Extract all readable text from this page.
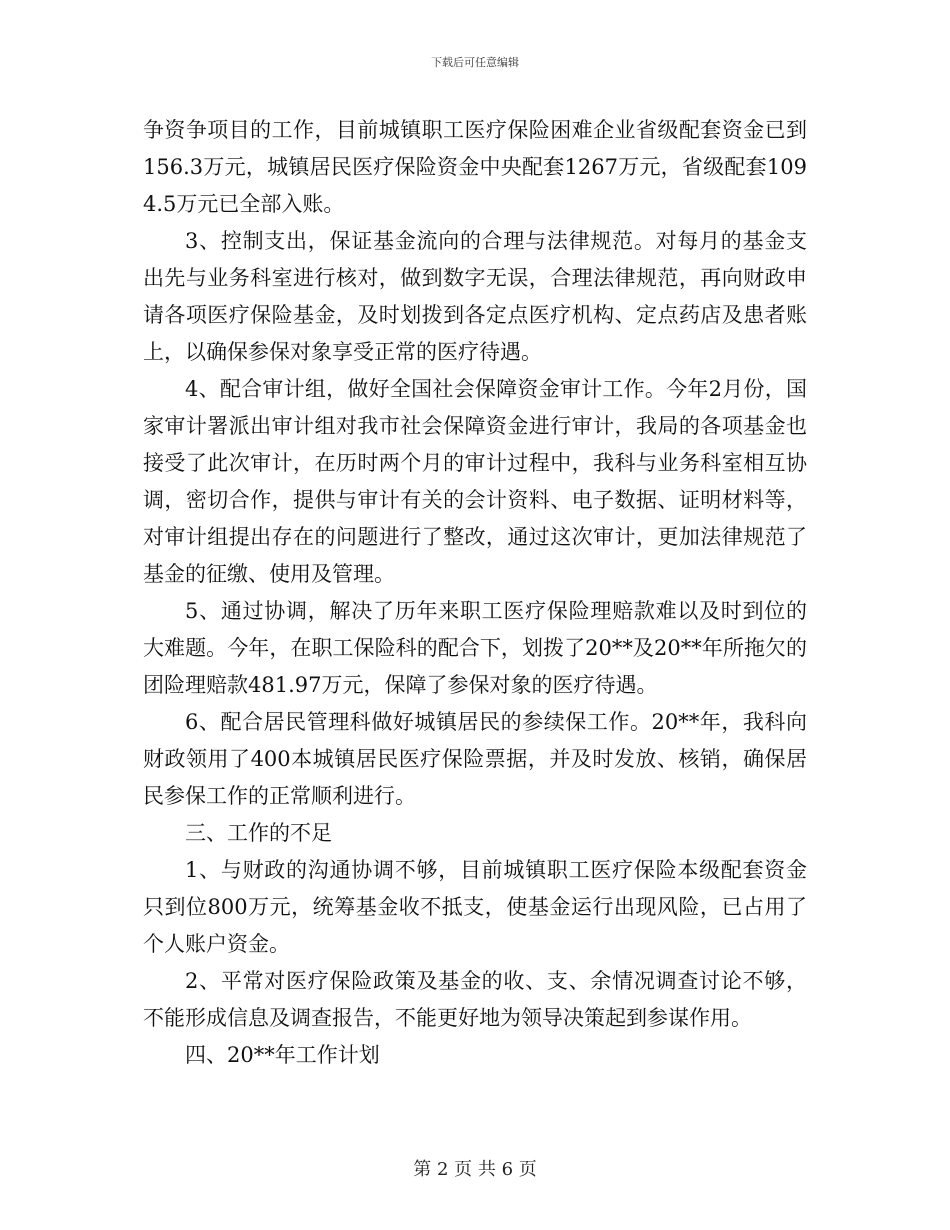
下载后可任意编辑

争资争项目的工作，目前城镇职工医疗保险困难企业省级配套资金已到156.3万元，城镇居民医疗保险资金中央配套1267万元，省级配套1094.5万元已全部入账。

3、控制支出，保证基金流向的合理与法律规范。对每月的基金支出先与业务科室进行核对，做到数字无误，合理法律规范，再向财政申请各项医疗保险基金，及时划拨到各定点医疗机构、定点药店及患者账上，以确保参保对象享受正常的医疗待遇。

4、配合审计组，做好全国社会保障资金审计工作。今年2月份，国家审计署派出审计组对我市社会保障资金进行审计，我局的各项基金也接受了此次审计，在历时两个月的审计过程中，我科与业务科室相互协调，密切合作，提供与审计有关的会计资料、电子数据、证明材料等，对审计组提出存在的问题进行了整改，通过这次审计，更加法律规范了基金的征缴、使用及管理。

5、通过协调，解决了历年来职工医疗保险理赔款难以及时到位的大难题。今年，在职工保险科的配合下，划拨了20**及20**年所拖欠的团险理赔款481.97万元，保障了参保对象的医疗待遇。

6、配合居民管理科做好城镇居民的参续保工作。20**年，我科向财政领用了400本城镇居民医疗保险票据，并及时发放、核销，确保居民参保工作的正常顺利进行。

三、工作的不足

1、与财政的沟通协调不够，目前城镇职工医疗保险本级配套资金只到位800万元，统筹基金收不抵支，使基金运行出现风险，已占用了个人账户资金。

2、平常对医疗保险政策及基金的收、支、余情况调查讨论不够，不能形成信息及调查报告，不能更好地为领导决策起到参谋作用。

四、20**年工作计划

第 2 页 共 6 页
